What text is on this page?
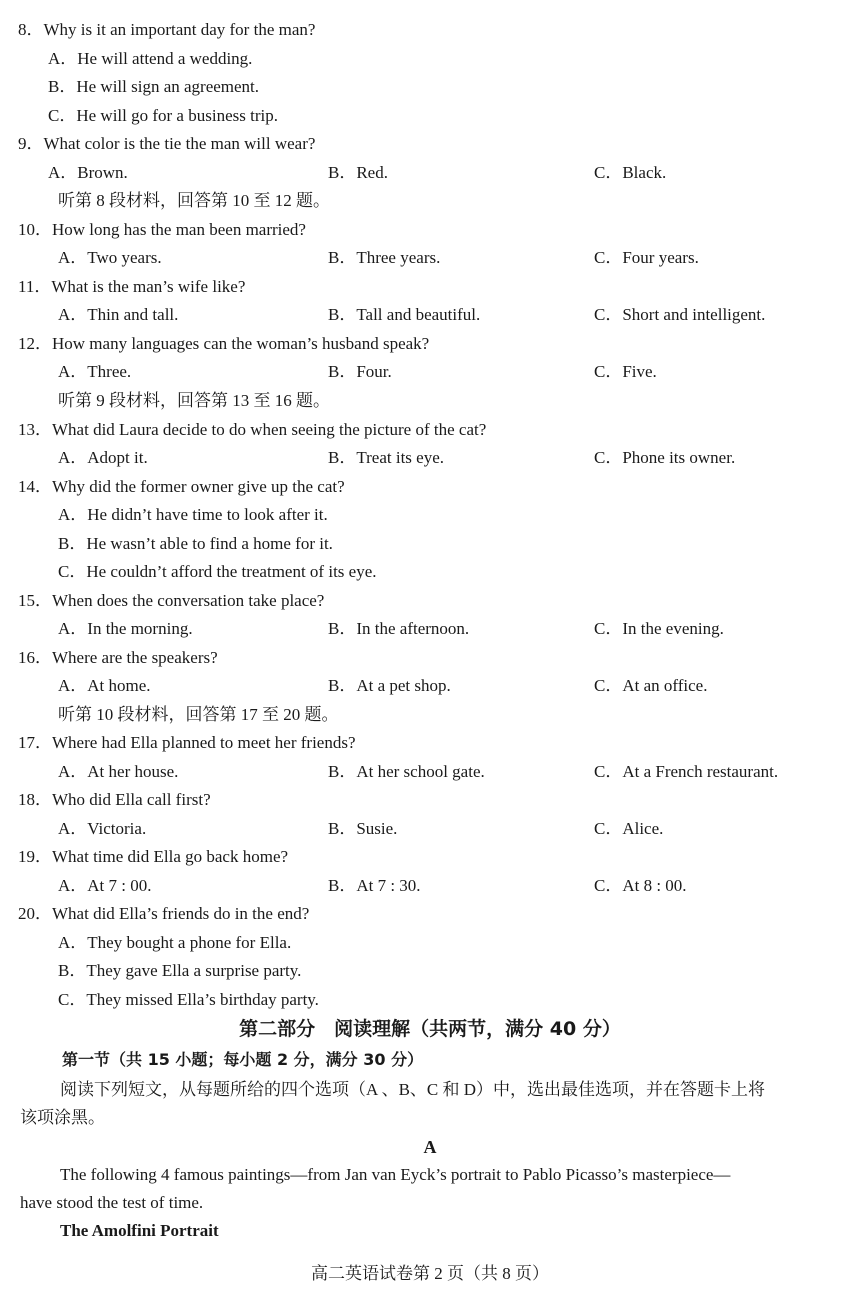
8．Why is it an important day for the man?
A．He will attend a wedding.
B．He will sign an agreement.
C．He will go for a business trip.
9．What color is the tie the man will wear?
A．Brown.	B．Red.	C．Black.
听第 8 段材料，回答第 10 至 12 题。
10．How long has the man been married?
A．Two years.	B．Three years.	C．Four years.
11．What is the man’s wife like?
A．Thin and tall.	B．Tall and beautiful.	C．Short and intelligent.
12．How many languages can the woman’s husband speak?
A．Three.	B．Four.	C．Five.
听第 9 段材料，回答第 13 至 16 题。
13．What did Laura decide to do when seeing the picture of the cat?
A．Adopt it.	B．Treat its eye.	C．Phone its owner.
14．Why did the former owner give up the cat?
A．He didn’t have time to look after it.
B．He wasn’t able to find a home for it.
C．He couldn’t afford the treatment of its eye.
15．When does the conversation take place?
A．In the morning.	B．In the afternoon.	C．In the evening.
16．Where are the speakers?
A．At home.	B．At a pet shop.	C．At an office.
听第 10 段材料，回答第 17 至 20 题。
17．Where had Ella planned to meet her friends?
A．At her house.	B．At her school gate.	C．At a French restaurant.
18．Who did Ella call first?
A．Victoria.	B．Susie.	C．Alice.
19．What time did Ella go back home?
A．At 7 : 00.	B．At 7 : 30.	C．At 8 : 00.
20．What did Ella’s friends do in the end?
A．They bought a phone for Ella.
B．They gave Ella a surprise party.
C．They missed Ella’s birthday party.
第二部分　阅读理解（共两节，满分 40 分）
第一节（共 15 小题；每小题 2 分，满分 30 分）
阅读下列短文，从每题所给的四个选项（A 、B、C 和 D）中，选出最佳选项，并在答题卡上将
该项涂黑。
A
The following 4 famous paintings—from Jan van Eyck’s portrait to Pablo Picasso’s masterpiece—
have stood the test of time.
The Amolfini Portrait
高二英语试卷第 2 页（共 8 页）
